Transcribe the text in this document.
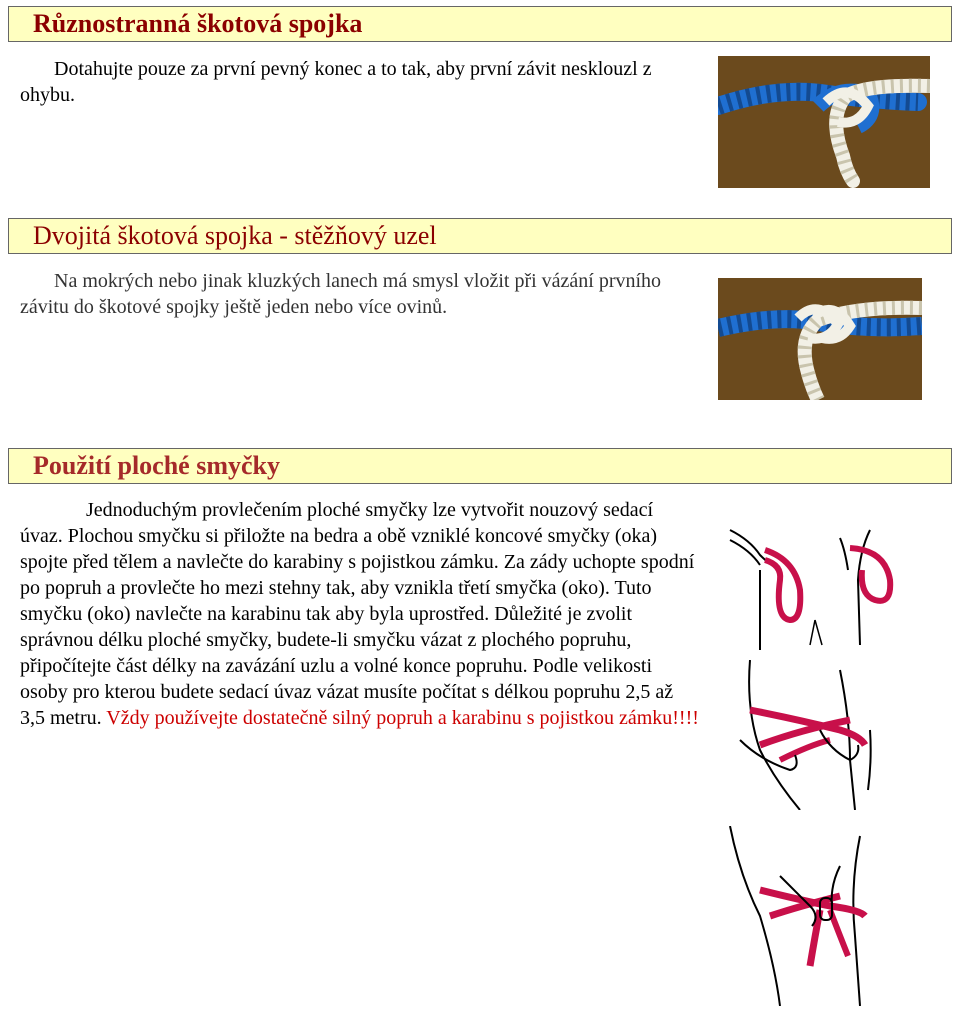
Různostranná škotová spojka
Dotahujte pouze za první pevný konec a to tak, aby první závit nesklouzl z ohybu.
Dvojitá škotová spojka - stěžňový uzel
Na mokrých nebo jinak kluzkých lanech má smysl vložit při vázání prvního závitu do škotové spojky ještě jeden nebo více ovinů.
Použití ploché smyčky
Jednoduchým provlečením ploché smyčky lze vytvořit nouzový sedací úvaz. Plochou smyčku si přiložte na bedra a obě vzniklé koncové smyčky (oka) spojte před tělem a navlečte do karabiny s pojistkou zámku. Za zády uchopte spodní po popruh a provlečte ho mezi stehny tak, aby vznikla třetí smyčka (oko). Tuto smyčku (oko) navlečte na karabinu tak aby byla uprostřed. Důležité je zvolit správnou délku ploché smyčky, budete-li smyčku vázat z plochého popruhu, připočítejte část délky na zavázání uzlu a volné konce popruhu. Podle velikosti osoby pro kterou budete sedací úvaz vázat musíte počítat s délkou popruhu 2,5 až 3,5 metru. Vždy používejte dostatečně silný popruh a karabinu s pojistkou zámku!!!!
